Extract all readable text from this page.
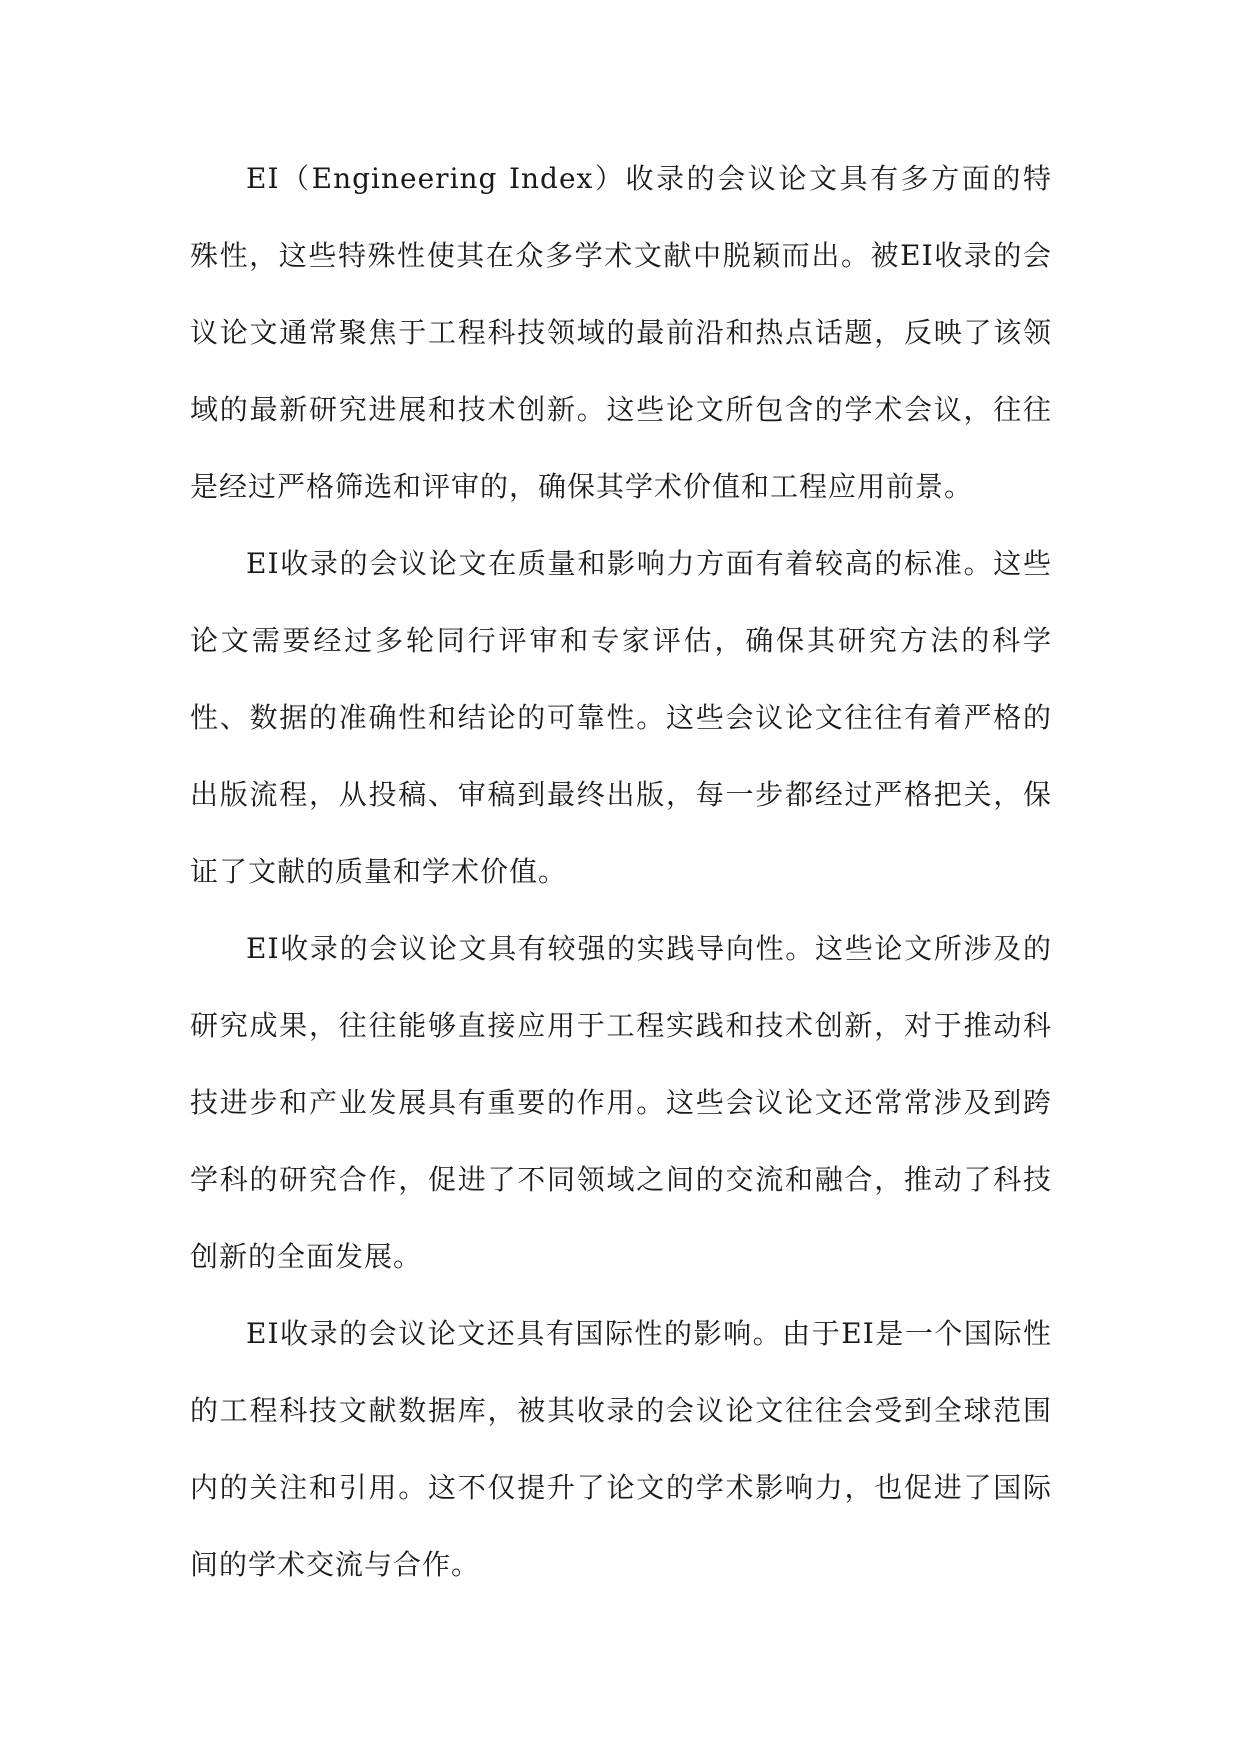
EI（Engineering Index）收录的会议论文具有多方面的特殊性，这些特殊性使其在众多学术文献中脱颖而出。被EI收录的会议论文通常聚焦于工程科技领域的最前沿和热点话题，反映了该领域的最新研究进展和技术创新。这些论文所包含的学术会议，往往是经过严格筛选和评审的，确保其学术价值和工程应用前景。

EI收录的会议论文在质量和影响力方面有着较高的标准。这些论文需要经过多轮同行评审和专家评估，确保其研究方法的科学性、数据的准确性和结论的可靠性。这些会议论文往往有着严格的出版流程，从投稿、审稿到最终出版，每一步都经过严格把关，保证了文献的质量和学术价值。

EI收录的会议论文具有较强的实践导向性。这些论文所涉及的研究成果，往往能够直接应用于工程实践和技术创新，对于推动科技进步和产业发展具有重要的作用。这些会议论文还常常涉及到跨学科的研究合作，促进了不同领域之间的交流和融合，推动了科技创新的全面发展。

EI收录的会议论文还具有国际性的影响。由于EI是一个国际性的工程科技文献数据库，被其收录的会议论文往往会受到全球范围内的关注和引用。这不仅提升了论文的学术影响力，也促进了国际间的学术交流与合作。
